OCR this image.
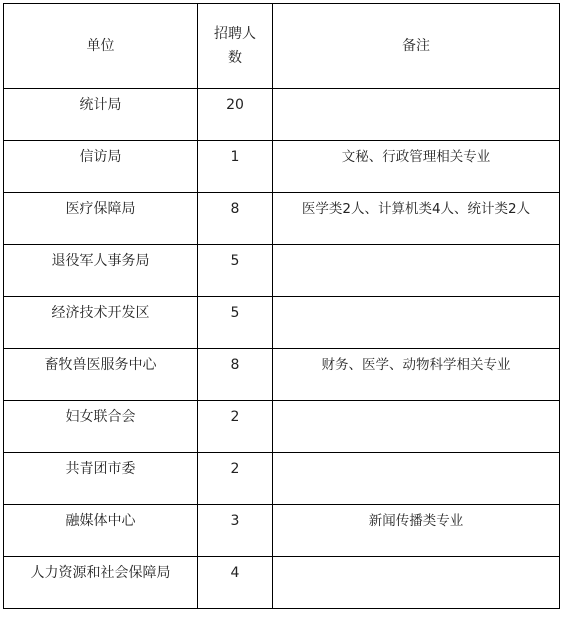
单位	招聘人数	备注
统计局	20	
信访局	1	文秘、行政管理相关专业
医疗保障局	8	医学类2人、计算机类4人、统计类2人
退役军人事务局	5	
经济技术开发区	5	
畜牧兽医服务中心	8	财务、医学、动物科学相关专业
妇女联合会	2	
共青团市委	2	
融媒体中心	3	新闻传播类专业
人力资源和社会保障局	4	
